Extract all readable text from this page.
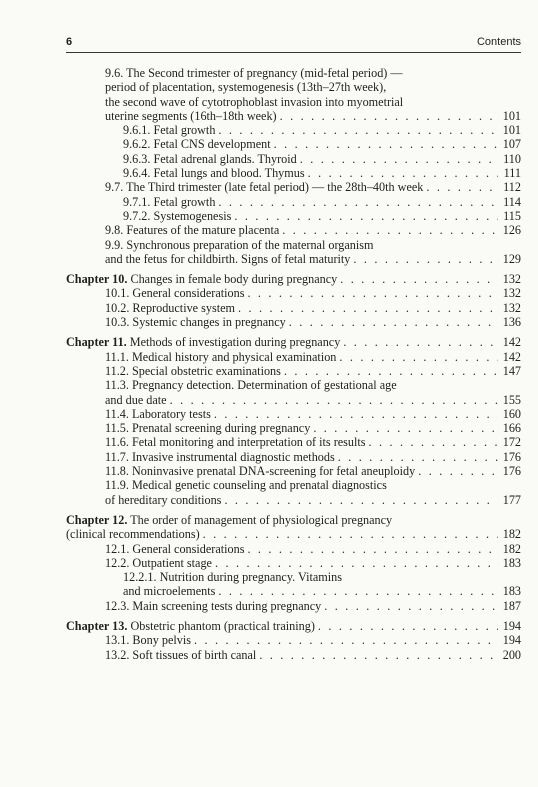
6	Contents
9.6. The Second trimester of pregnancy (mid-fetal period) —
period of placentation, systemogenesis (13th–27th week),
the second wave of cytotrophoblast invasion into myometrial
uterine segments (16th–18th week) . . .	101
9.6.1. Fetal growth . . .	101
9.6.2. Fetal CNS development . . .	107
9.6.3. Fetal adrenal glands. Thyroid . . .	110
9.6.4. Fetal lungs and blood. Thymus . . .	111
9.7. The Third trimester (late fetal period) — the 28th–40th week . . .	112
9.7.1. Fetal growth . . .	114
9.7.2. Systemogenesis . . .	115
9.8. Features of the mature placenta . . .	126
9.9. Synchronous preparation of the maternal organism
and the fetus for childbirth. Signs of fetal maturity . . .	129
Chapter 10. Changes in female body during pregnancy . . .	132
10.1. General considerations . . .	132
10.2. Reproductive system . . .	132
10.3. Systemic changes in pregnancy . . .	136
Chapter 11. Methods of investigation during pregnancy . . .	142
11.1. Medical history and physical examination . . .	142
11.2. Special obstetric examinations . . .	147
11.3. Pregnancy detection. Determination of gestational age
and due date . . .	155
11.4. Laboratory tests . . .	160
11.5. Prenatal screening during pregnancy . . .	166
11.6. Fetal monitoring and interpretation of its results . . .	172
11.7. Invasive instrumental diagnostic methods . . .	176
11.8. Noninvasive prenatal DNA-screening for fetal aneuploidy . . .	176
11.9. Medical genetic counseling and prenatal diagnostics
of hereditary conditions . . .	177
Chapter 12. The order of management of physiological pregnancy
(clinical recommendations) . . .	182
12.1. General considerations . . .	182
12.2. Outpatient stage . . .	183
12.2.1. Nutrition during pregnancy. Vitamins
and microelements . . .	183
12.3. Main screening tests during pregnancy . . .	187
Chapter 13. Obstetric phantom (practical training) . . .	194
13.1. Bony pelvis . . .	194
13.2. Soft tissues of birth canal . . .	200
